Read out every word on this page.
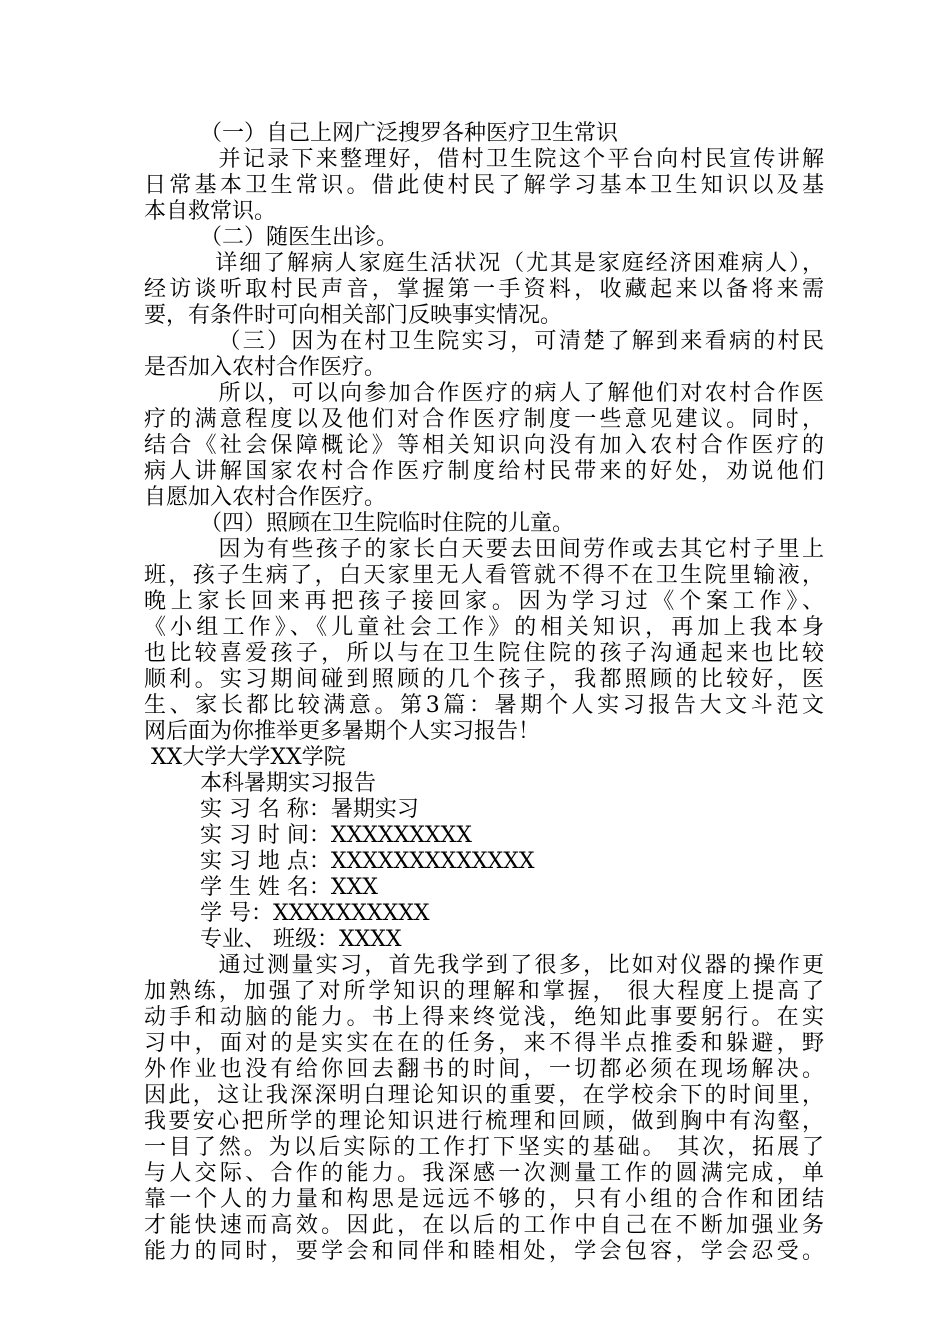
（一）自己上网广泛搜罗各种医疗卫生常识
并记录下来整理好，借村卫生院这个平台向村民宣传讲解
日常基本卫生常识。借此使村民了解学习基本卫生知识以及基
本自救常识。
（二）随医生出诊。
详细了解病人家庭生活状况（尤其是家庭经济困难病人），
经访谈听取村民声音，掌握第一手资料，收藏起来以备将来需
要，有条件时可向相关部门反映事实情况。
（三）因为在村卫生院实习，可清楚了解到来看病的村民
是否加入农村合作医疗。
所以，可以向参加合作医疗的病人了解他们对农村合作医
疗的满意程度以及他们对合作医疗制度一些意见建议。同时，
结合《社会保障概论》等相关知识向没有加入农村合作医疗的
病人讲解国家农村合作医疗制度给村民带来的好处，劝说他们
自愿加入农村合作医疗。
（四）照顾在卫生院临时住院的儿童。
因为有些孩子的家长白天要去田间劳作或去其它村子里上
班，孩子生病了，白天家里无人看管就不得不在卫生院里输液，
晚上家长回来再把孩子接回家。因为学习过《个案工作》、
《小组工作》、《儿童社会工作》的相关知识，再加上我本身
也比较喜爱孩子，所以与在卫生院住院的孩子沟通起来也比较
顺利。实习期间碰到照顾的几个孩子，我都照顾的比较好，医
生、家长都比较满意。第3篇：暑期个人实习报告大文斗范文
网后面为你推举更多暑期个人实习报告！
XX大学大学XX学院
本科暑期实习报告
实 习 名 称：暑期实习
实 习 时 间：XXXXXXXXX
实 习 地 点：XXXXXXXXXXXXX
学 生 姓 名：XXX
学 号：XXXXXXXXXX
专业、 班级：XXXX
通过测量实习，首先我学到了很多，比如对仪器的操作更
加熟练，加强了对所学知识的理解和掌握， 很大程度上提高了
动手和动脑的能力。书上得来终觉浅，绝知此事要躬行。在实
习中，面对的是实实在在的任务，来不得半点推委和躲避，野
外作业也没有给你回去翻书的时间，一切都必须在现场解决。
因此，这让我深深明白理论知识的重要，在学校余下的时间里，
我要安心把所学的理论知识进行梳理和回顾，做到胸中有沟壑，
一目了然。为以后实际的工作打下坚实的基础。 其次，拓展了
与人交际、合作的能力。我深感一次测量工作的圆满完成，单
靠一个人的力量和构思是远远不够的，只有小组的合作和团结
才能快速而高效。因此，在以后的工作中自己在不断加强业务
能力的同时，要学会和同伴和睦相处，学会包容，学会忍受。
